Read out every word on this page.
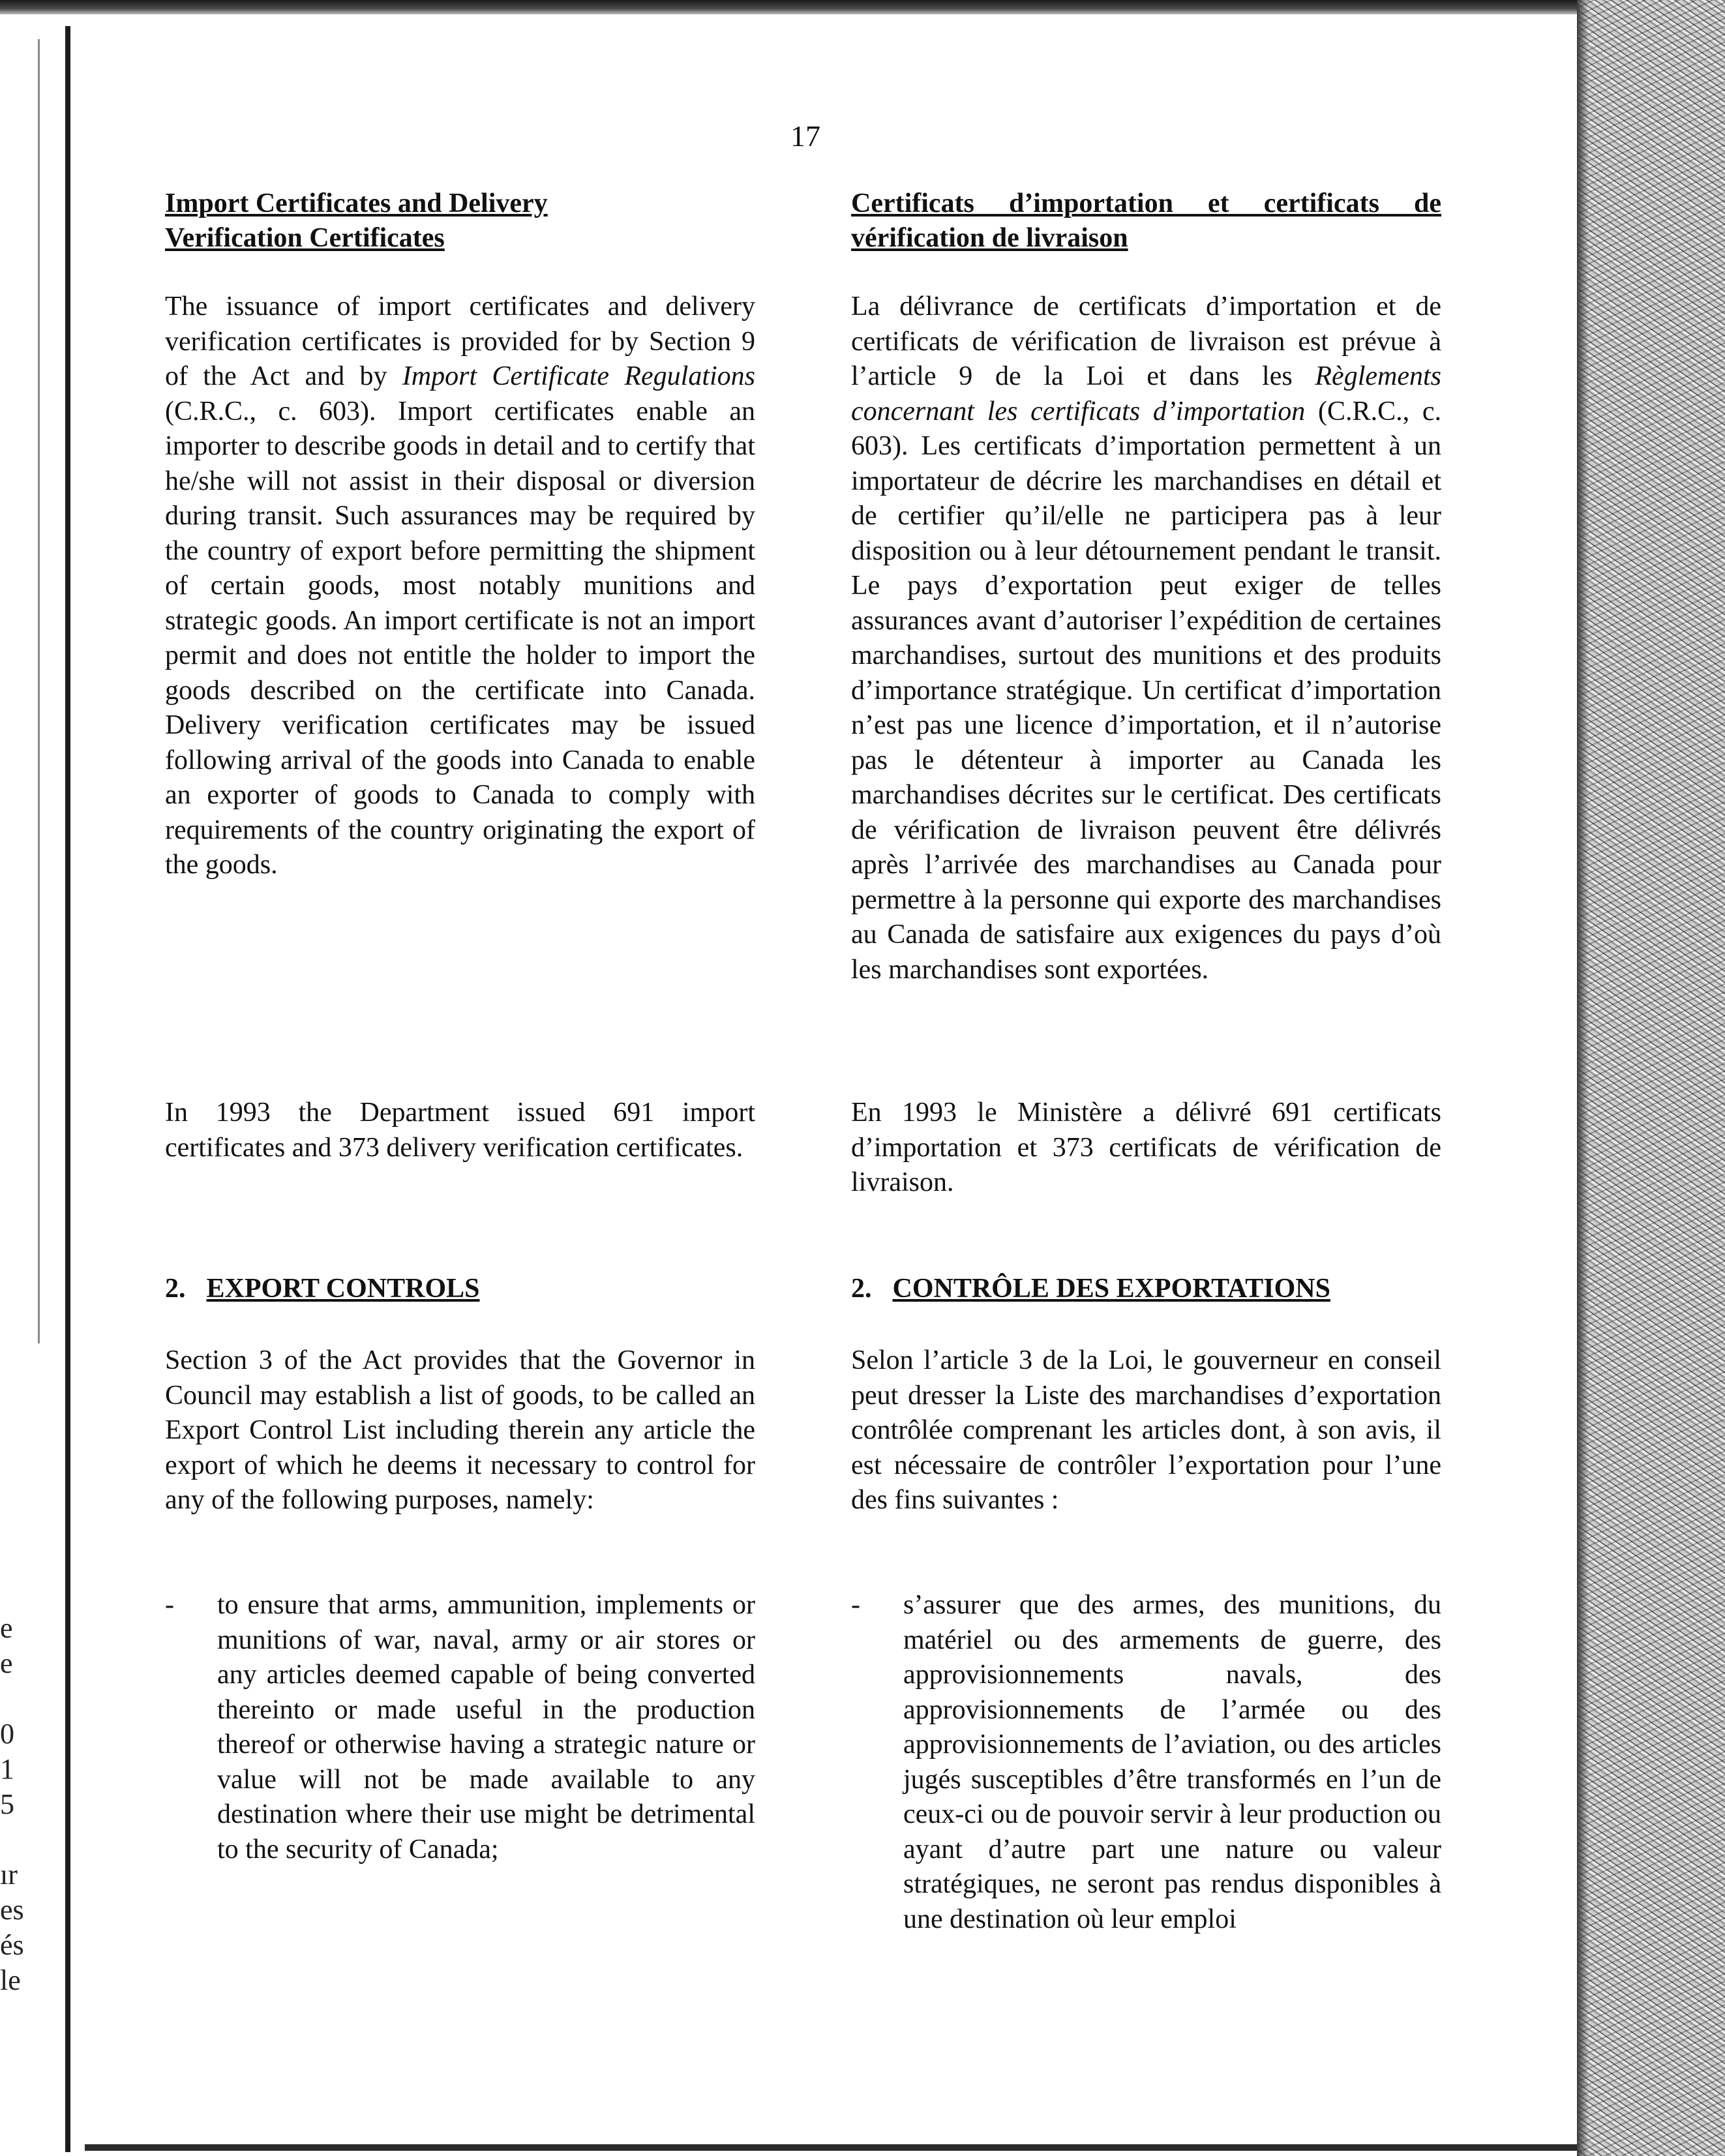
e
e
0
1
5
ır
es
és
le
17
Import Certificates and Delivery
Verification Certificates

The issuance of import certificates and delivery verification certificates is provided for by Section 9 of the Act and by Import Certificate Regulations (C.R.C., c. 603). Import certificates enable an importer to describe goods in detail and to certify that he/she will not assist in their disposal or diversion during transit. Such assurances may be required by the country of export before permitting the shipment of certain goods, most notably munitions and strategic goods. An import certificate is not an import permit and does not entitle the holder to import the goods described on the certificate into Canada. Delivery verification certificates may be issued following arrival of the goods into Canada to enable an exporter of goods to Canada to comply with requirements of the country originating the export of the goods.

In 1993 the Department issued 691 import certificates and 373 delivery verification certificates.

2. EXPORT CONTROLS

Section 3 of the Act provides that the Governor in Council may establish a list of goods, to be called an Export Control List including therein any article the export of which he deems it necessary to control for any of the following purposes, namely:

-	to ensure that arms, ammunition, implements or munitions of war, naval, army or air stores or any articles deemed capable of being converted thereinto or made useful in the production thereof or otherwise having a strategic nature or value will not be made available to any destination where their use might be detrimental to the security of Canada;
Certificats d’importation et certificats de
vérification de livraison

La délivrance de certificats d’importation et de certificats de vérification de livraison est prévue à l’article 9 de la Loi et dans les Règlements concernant les certificats d’importation (C.R.C., c. 603). Les certificats d’importation permettent à un importateur de décrire les marchandises en détail et de certifier qu’il/elle ne participera pas à leur disposition ou à leur détournement pendant le transit. Le pays d’exportation peut exiger de telles assurances avant d’autoriser l’expédition de certaines marchandises, surtout des munitions et des produits d’importance stratégique. Un certificat d’importation n’est pas une licence d’importation, et il n’autorise pas le détenteur à importer au Canada les marchandises décrites sur le certificat. Des certificats de vérification de livraison peuvent être délivrés après l’arrivée des marchandises au Canada pour permettre à la personne qui exporte des marchandises au Canada de satisfaire aux exigences du pays d’où les marchandises sont exportées.

En 1993 le Ministère a délivré 691 certificats d’importation et 373 certificats de vérification de livraison.

2. CONTRÔLE DES EXPORTATIONS

Selon l’article 3 de la Loi, le gouverneur en conseil peut dresser la Liste des marchandises d’exportation contrôlée comprenant les articles dont, à son avis, il est nécessaire de contrôler l’exportation pour l’une des fins suivantes :

-	s’assurer que des armes, des munitions, du matériel ou des armements de guerre, des approvisionnements navals, des approvisionnements de l’armée ou des approvisionnements de l’aviation, ou des articles jugés susceptibles d’être transformés en l’un de ceux-ci ou de pouvoir servir à leur production ou ayant d’autre part une nature ou valeur stratégiques, ne seront pas rendus disponibles à une destination où leur emploi
